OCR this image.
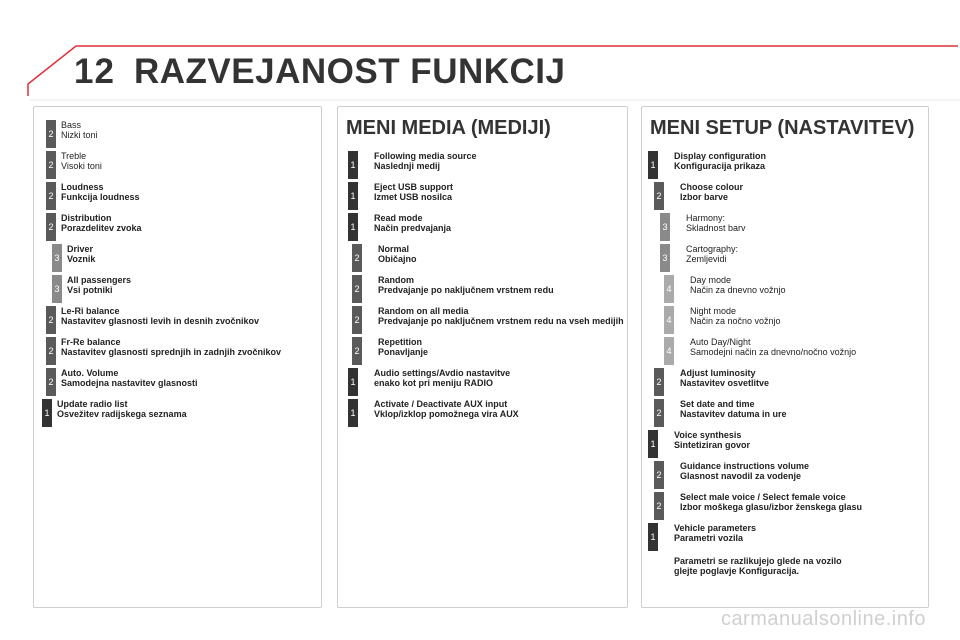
12 RAZVEJANOST FUNKCIJ
2
Bass
Nizki toni
2
Treble
Visoki toni
2
Loudness
Funkcija loudness
2
Distribution
Porazdelitev zvoka
3
Driver
Voznik
3
All passengers
Vsi potniki
2
Le-Ri balance
Nastavitev glasnosti levih in desnih zvočnikov
2
Fr-Re balance
Nastavitev glasnosti sprednjih in zadnjih zvočnikov
2
Auto. Volume
Samodejna nastavitev glasnosti
1
Update radio list
Osvežitev radijskega seznama
MENI MEDIA (MEDIJI)
1
Following media source
Naslednji medij
1
Eject USB support
Izmet USB nosilca
1
Read mode
Način predvajanja
2
Normal
Običajno
2
Random
Predvajanje po naključnem vrstnem redu
2
Random on all media
Predvajanje po naključnem vrstnem redu na vseh medijih
2
Repetition
Ponavljanje
1
Audio settings/Avdio nastavitve
enako kot pri meniju RADIO
1
Activate / Deactivate AUX input
Vklop/izklop pomožnega vira AUX
MENI SETUP (NASTAVITEV)
1
Display configuration
Konfiguracija prikaza
2
Choose colour
Izbor barve
3
Harmony:
Skladnost barv
3
Cartography:
Zemljevidi
4
Day mode
Način za dnevno vožnjo
4
Night mode
Način za nočno vožnjo
4
Auto Day/Night
Samodejni način za dnevno/nočno vožnjo
2
Adjust luminosity
Nastavitev osvetlitve
2
Set date and time
Nastavitev datuma in ure
1
Voice synthesis
Sintetiziran govor
2
Guidance instructions volume
Glasnost navodil za vodenje
2
Select male voice / Select female voice
Izbor moškega glasu/izbor ženskega glasu
1
Vehicle parameters
Parametri vozila
Parametri se razlikujejo glede na vozilo
glejte poglavje Konfiguracija.
carmanualsonline.info
